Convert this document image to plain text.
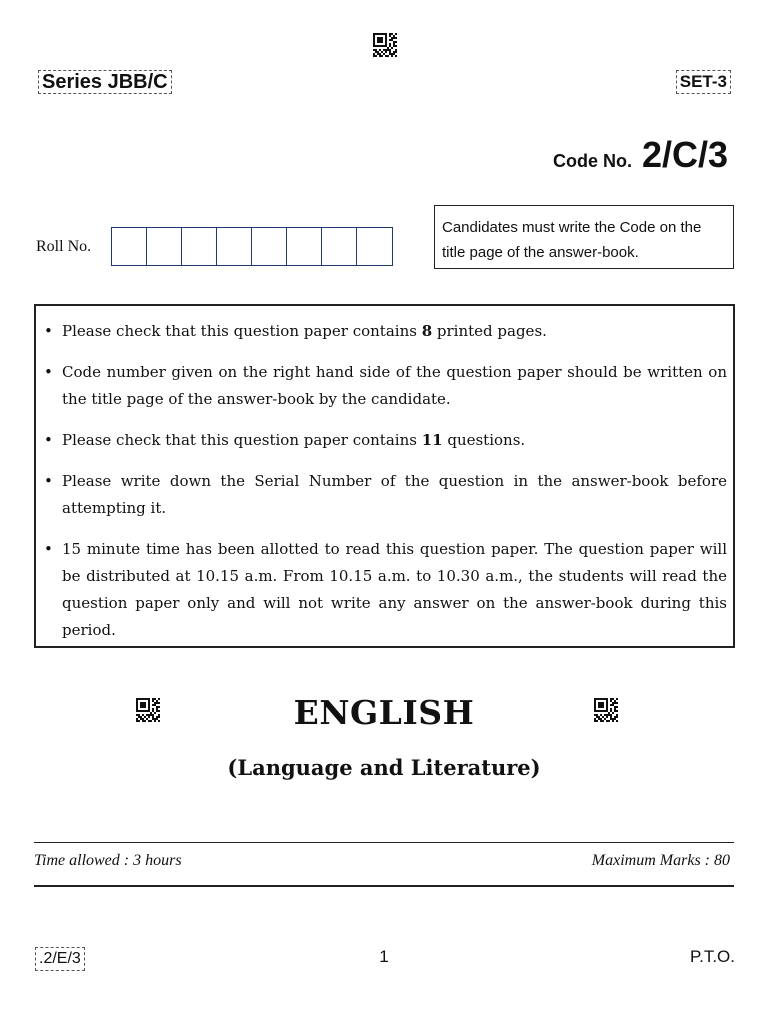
Series JBB/C	SET-3
Code No. 2/C/3
Roll No.
Candidates must write the Code on the title page of the answer-book.
• Please check that this question paper contains 8 printed pages.
• Code number given on the right hand side of the question paper should be written on the title page of the answer-book by the candidate.
• Please check that this question paper contains 11 questions.
• Please write down the Serial Number of the question in the answer-book before attempting it.
• 15 minute time has been allotted to read this question paper. The question paper will be distributed at 10.15 a.m. From 10.15 a.m. to 10.30 a.m., the students will read the question paper only and will not write any answer on the answer-book during this period.
ENGLISH
(Language and Literature)
Time allowed : 3 hours	Maximum Marks : 80
.2/E/3	1	P.T.O.
